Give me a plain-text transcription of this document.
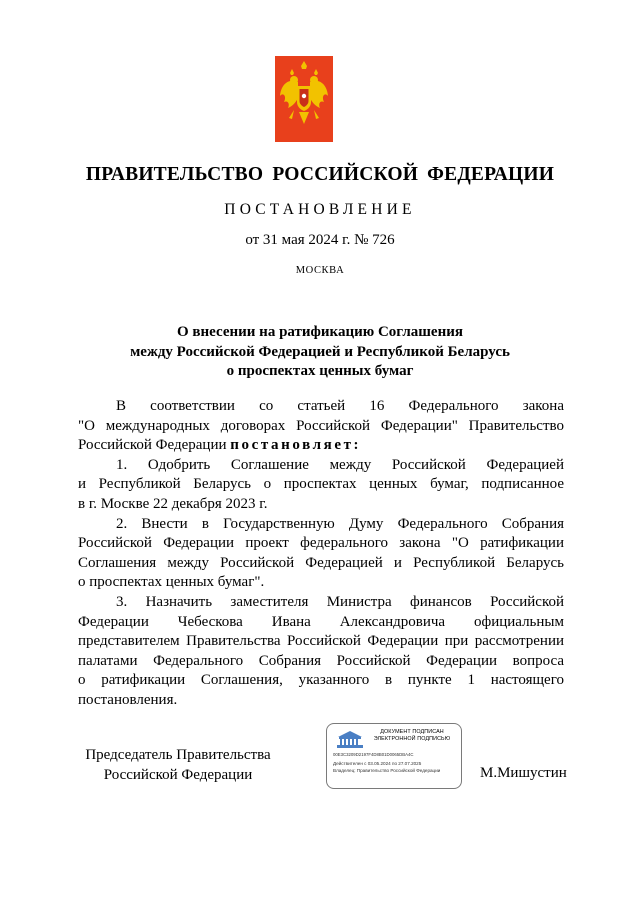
ПРАВИТЕЛЬСТВО РОССИЙСКОЙ ФЕДЕРАЦИИ
ПОСТАНОВЛЕНИЕ
от 31 мая 2024 г. № 726
МОСКВА
О внесении на ратификацию Соглашения
между Российской Федерацией и Республикой Беларусь
о проспектах ценных бумаг
В соответствии со статьей 16 Федерального закона
"О международных договорах Российской Федерации" Правительство
Российской Федерации постановляет:
1. Одобрить Соглашение между Российской Федерацией
и Республикой Беларусь о проспектах ценных бумаг, подписанное
в г. Москве 22 декабря 2023 г.
2. Внести в Государственную Думу Федерального Собрания
Российской Федерации проект федерального закона "О ратификации
Соглашения между Российской Федерацией и Республикой Беларусь
о проспектах ценных бумаг".
3. Назначить заместителя Министра финансов Российской
Федерации Чебескова Ивана Александровича официальным
представителем Правительства Российской Федерации при рассмотрении
палатами Федерального Собрания Российской Федерации вопроса
о ратификации Соглашения, указанного в пункте 1 настоящего
постановления.
Председатель Правительства
Российской Федерации
ДОКУМЕНТ ПОДПИСАН
ЭЛЕКТРОННОЙ ПОДПИСЬЮ
00E3C3209D2197F4D8B01D0065DBA4C
Действителен с 03.05.2024 по 27.07.2025
Владелец: Правительство Российской Федерации	М.Мишустин
